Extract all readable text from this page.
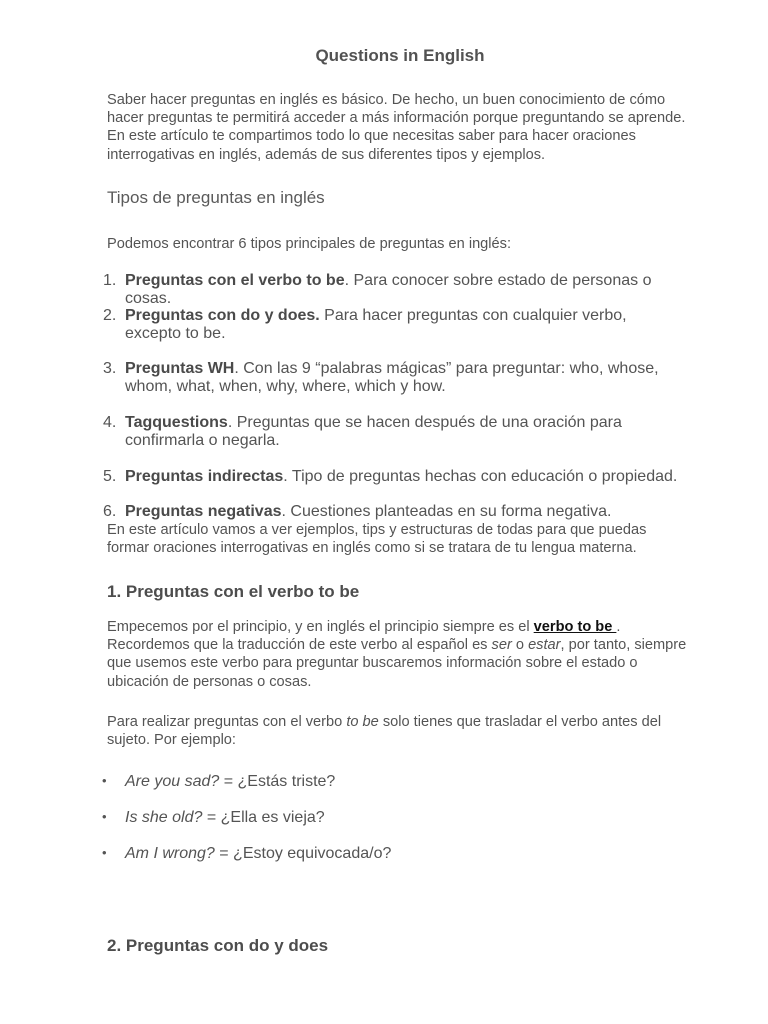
Questions in English

Saber hacer preguntas en inglés es básico. De hecho, un buen conocimiento de cómo hacer preguntas te permitirá acceder a más información porque preguntando se aprende. En este artículo te compartimos todo lo que necesitas saber para hacer oraciones interrogativas en inglés, además de sus diferentes tipos y ejemplos.

Tipos de preguntas en inglés

Podemos encontrar 6 tipos principales de preguntas en inglés:

1. Preguntas con el verbo to be. Para conocer sobre estado de personas o cosas.
2. Preguntas con do y does. Para hacer preguntas con cualquier verbo, excepto to be.
3. Preguntas WH. Con las 9 “palabras mágicas” para preguntar: who, whose, whom, what, when, why, where, which y how.
4. Tagquestions. Preguntas que se hacen después de una oración para confirmarla o negarla.
5. Preguntas indirectas. Tipo de preguntas hechas con educación o propiedad.
6. Preguntas negativas. Cuestiones planteadas en su forma negativa.

En este artículo vamos a ver ejemplos, tips y estructuras de todas para que puedas formar oraciones interrogativas en inglés como si se tratara de tu lengua materna.

1. Preguntas con el verbo to be

Empecemos por el principio, y en inglés el principio siempre es el verbo to be . Recordemos que la traducción de este verbo al español es ser o estar, por tanto, siempre que usemos este verbo para preguntar buscaremos información sobre el estado o ubicación de personas o cosas.

Para realizar preguntas con el verbo to be solo tienes que trasladar el verbo antes del sujeto. Por ejemplo:

•	Are you sad? = ¿Estás triste?
•	Is she old? = ¿Ella es vieja?
•	Am I wrong? = ¿Estoy equivocada/o?
2. Preguntas con do y does
